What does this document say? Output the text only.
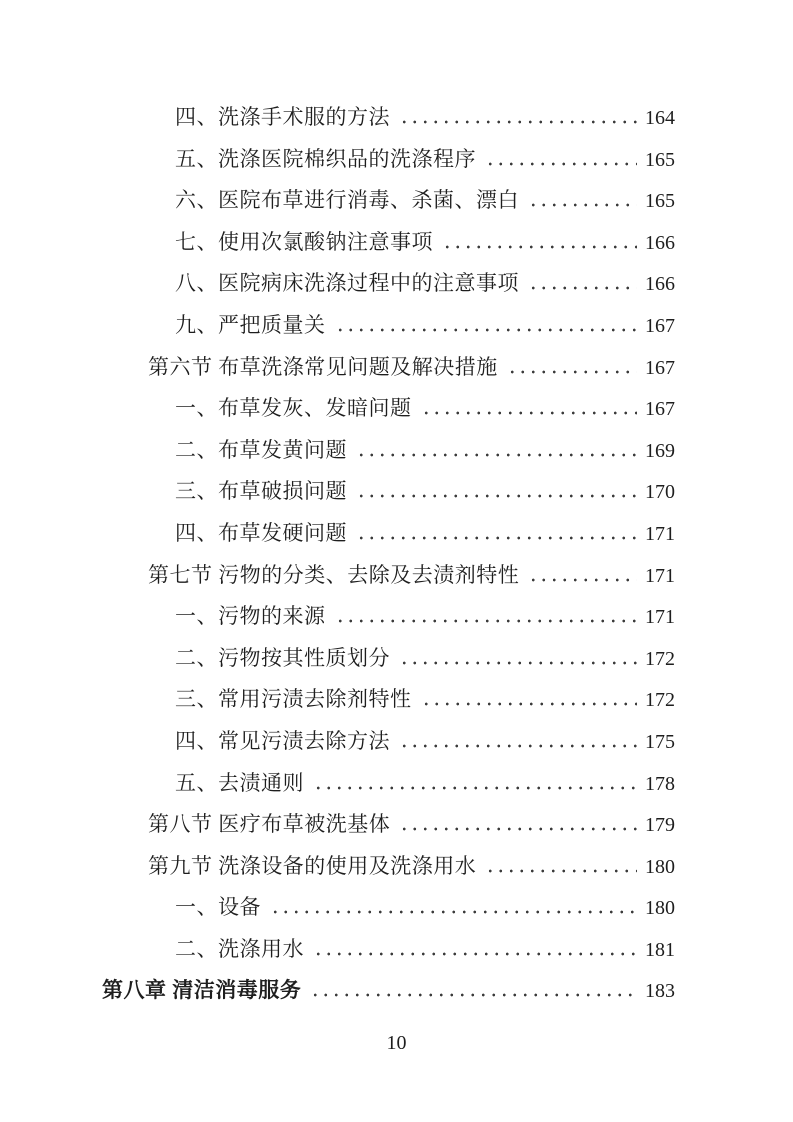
四、洗涤手术服的方法	164
五、洗涤医院棉织品的洗涤程序	165
六、医院布草进行消毒、杀菌、漂白	165
七、使用次氯酸钠注意事项	166
八、医院病床洗涤过程中的注意事项	166
九、严把质量关	167
第六节 布草洗涤常见问题及解决措施	167
一、布草发灰、发暗问题	167
二、布草发黄问题	169
三、布草破损问题	170
四、布草发硬问题	171
第七节 污物的分类、去除及去渍剂特性	171
一、污物的来源	171
二、污物按其性质划分	172
三、常用污渍去除剂特性	172
四、常见污渍去除方法	175
五、去渍通则	178
第八节 医疗布草被洗基体	179
第九节 洗涤设备的使用及洗涤用水	180
一、设备	180
二、洗涤用水	181
第八章 清洁消毒服务	183
10
